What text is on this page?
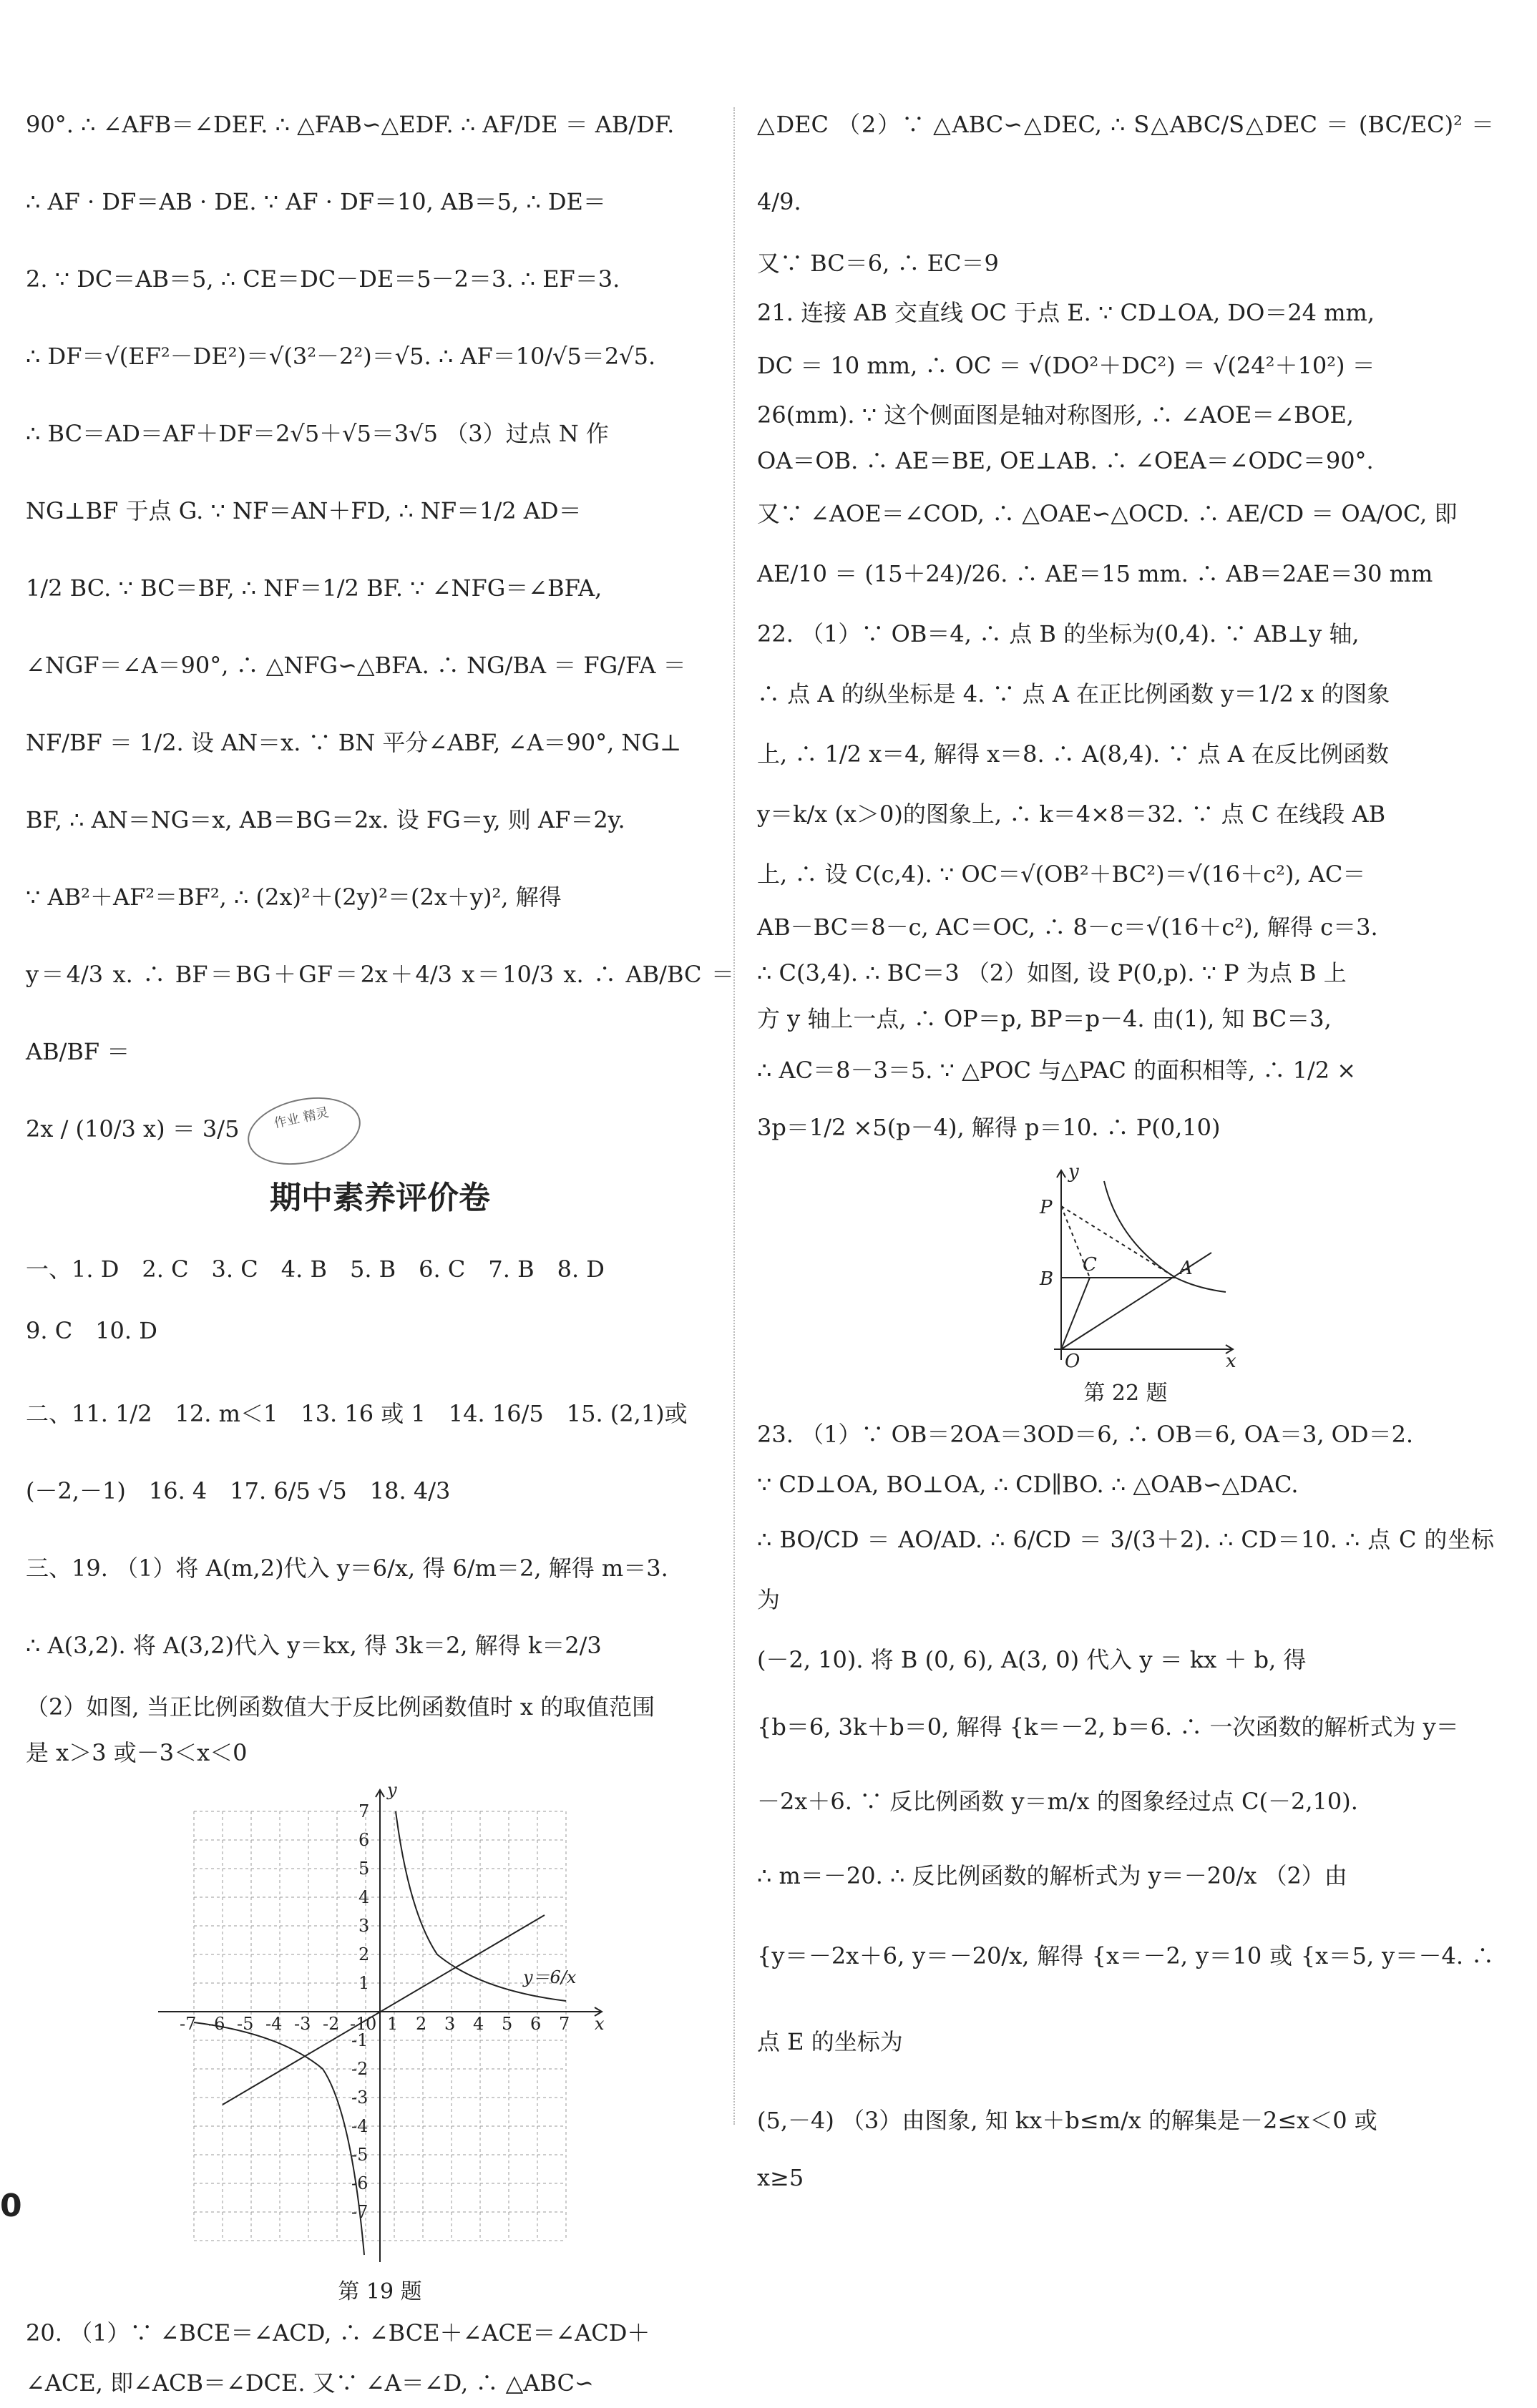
90°. ∴ ∠AFB＝∠DEF. ∴ △FAB∽△EDF. ∴ AF/DE ＝ AB/DF.

∴ AF · DF＝AB · DE. ∵ AF · DF＝10, AB＝5, ∴ DE＝

2. ∵ DC＝AB＝5, ∴ CE＝DC－DE＝5－2＝3. ∴ EF＝3.

∴ DF＝√(EF²－DE²)＝√(3²－2²)＝√5. ∴ AF＝10/√5＝2√5.

∴ BC＝AD＝AF＋DF＝2√5＋√5＝3√5 （3）过点 N 作

NG⊥BF 于点 G. ∵ NF＝AN＋FD, ∴ NF＝1/2 AD＝

1/2 BC. ∵ BC＝BF, ∴ NF＝1/2 BF. ∵ ∠NFG＝∠BFA,

∠NGF＝∠A＝90°, ∴ △NFG∽△BFA. ∴ NG/BA ＝ FG/FA ＝

NF/BF ＝ 1/2. 设 AN＝x. ∵ BN 平分∠ABF, ∠A＝90°, NG⊥

BF, ∴ AN＝NG＝x, AB＝BG＝2x. 设 FG＝y, 则 AF＝2y.

∵ AB²＋AF²＝BF², ∴ (2x)²＋(2y)²＝(2x＋y)², 解得

y＝4/3 x. ∴ BF＝BG＋GF＝2x＋4/3 x＝10/3 x. ∴ AB/BC ＝ AB/BF ＝

2x / (10/3 x) ＝ 3/5	作业 精灵

期中素养评价卷

一、1. D　2. C　3. C　4. B　5. B　6. C　7. B　8. D

9. C　10. D

二、11. 1/2　12. m＜1　13. 16 或 1　14. 16/5　15. (2,1)或

(－2,－1)　16. 4　17. 6/5 √5　18. 4/3

三、19. （1）将 A(m,2)代入 y＝6/x, 得 6/m＝2, 解得 m＝3.

∴ A(3,2). 将 A(3,2)代入 y＝kx, 得 3k＝2, 解得 k＝2/3

（2）如图, 当正比例函数值大于反比例函数值时 x 的取值范围

是 x＞3 或－3＜x＜0

7
6
5
4
3
2
1
-1
-2
-3
-4
-5
-6
-7
1 2 3 4 5 6 7
-7 -6 -5 -4 -3 -2 -1
0
y
x
y＝6/x
第 19 题

20. （1）∵ ∠BCE＝∠ACD, ∴ ∠BCE＋∠ACE＝∠ACD＋

∠ACE, 即∠ACB＝∠DCE. 又∵ ∠A＝∠D, ∴ △ABC∽

△DEC （2）∵ △ABC∽△DEC, ∴ S△ABC/S△DEC ＝ (BC/EC)² ＝ 4/9.

又∵ BC＝6, ∴ EC＝9

21. 连接 AB 交直线 OC 于点 E. ∵ CD⊥OA, DO＝24 mm,

DC ＝ 10 mm, ∴ OC ＝ √(DO²＋DC²) ＝ √(24²＋10²) ＝

26(mm). ∵ 这个侧面图是轴对称图形, ∴ ∠AOE＝∠BOE,

OA＝OB. ∴ AE＝BE, OE⊥AB. ∴ ∠OEA＝∠ODC＝90°.

又∵ ∠AOE＝∠COD, ∴ △OAE∽△OCD. ∴ AE/CD ＝ OA/OC, 即

AE/10 ＝ (15＋24)/26. ∴ AE＝15 mm. ∴ AB＝2AE＝30 mm

22. （1）∵ OB＝4, ∴ 点 B 的坐标为(0,4). ∵ AB⊥y 轴,

∴ 点 A 的纵坐标是 4. ∵ 点 A 在正比例函数 y＝1/2 x 的图象

上, ∴ 1/2 x＝4, 解得 x＝8. ∴ A(8,4). ∵ 点 A 在反比例函数

y＝k/x (x＞0)的图象上, ∴ k＝4×8＝32. ∵ 点 C 在线段 AB

上, ∴ 设 C(c,4). ∵ OC＝√(OB²＋BC²)＝√(16＋c²), AC＝

AB－BC＝8－c, AC＝OC, ∴ 8－c＝√(16＋c²), 解得 c＝3.

∴ C(3,4). ∴ BC＝3 （2）如图, 设 P(0,p). ∵ P 为点 B 上

方 y 轴上一点, ∴ OP＝p, BP＝p－4. 由(1), 知 BC＝3,

∴ AC＝8－3＝5. ∵ △POC 与△PAC 的面积相等, ∴ 1/2 ×

3p＝1/2 ×5(p－4), 解得 p＝10. ∴ P(0,10)

P
B
C	A
O
y
x
第 22 题

23. （1）∵ OB＝2OA＝3OD＝6, ∴ OB＝6, OA＝3, OD＝2.

∵ CD⊥OA, BO⊥OA, ∴ CD∥BO. ∴ △OAB∽△DAC.

∴ BO/CD ＝ AO/AD. ∴ 6/CD ＝ 3/(3＋2). ∴ CD＝10. ∴ 点 C 的坐标为

(－2, 10). 将 B (0, 6), A(3, 0) 代入 y ＝ kx ＋ b, 得

{b＝6, 3k＋b＝0, 解得 {k＝－2, b＝6. ∴ 一次函数的解析式为 y＝

－2x＋6. ∵ 反比例函数 y＝m/x 的图象经过点 C(－2,10).

∴ m＝－20. ∴ 反比例函数的解析式为 y＝－20/x （2）由

{y＝－2x＋6, y＝－20/x, 解得 {x＝－2, y＝10 或 {x＝5, y＝－4. ∴ 点 E 的坐标为

(5,－4) （3）由图象, 知 kx＋b≤m/x 的解集是－2≤x＜0 或

x≥5

0
